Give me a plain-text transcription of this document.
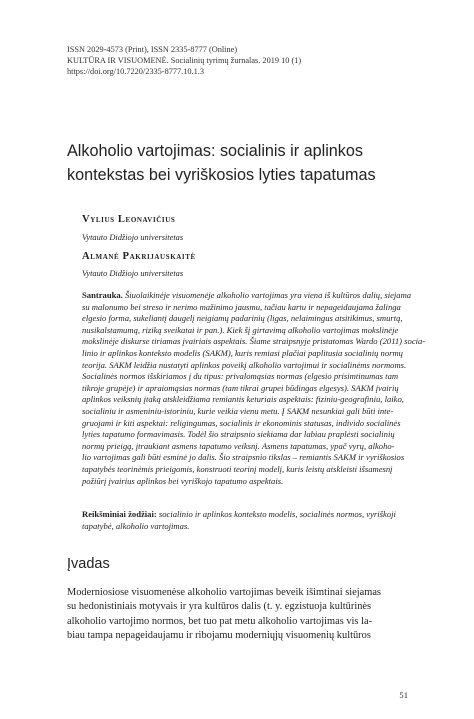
ISSN 2029-4573 (Print), ISSN 2335-8777 (Online)
KULTŪRA IR VISUOMENĖ. Socialinių tyrimų žurnalas. 2019 10 (1)
https://doi.org/10.7220/2335-8777.10.1.3
Alkoholio vartojimas: socialinis ir aplinkos
kontekstas bei vyriškosios lyties tapatumas
Vylius Leonavičius
Vytauto Didžiojo universitetas
Almanė Pakrijauskaitė
Vytauto Didžiojo universitetas
Santrauka. Šiuolaikinėje visuomenėje alkoholio vartojimas yra viena iš kultūros dalių, siejama
su malonumo bei streso ir nerimo mažinimo jausmu, tačiau kartu ir nepageidaujama žalinga
elgesio forma, sukeliantį daugelį neigiamų padarinių (ligas, nelaimingus atsitikimus, smurtą,
nusikalstamumą, riziką sveikatai ir pan.). Kiek šį girtavimą alkoholio vartojimas mokslinėje
mokslinėje diskurse tiriamas įvairiais aspektais. Šiame straipsnyje pristatomas Wardo (2011) socia-
linio ir aplinkos konteksto modelis (SAKM), kuris remiasi plačiai paplitusia socialinių normų
teorija. SAKM leidžia nustatyti aplinkos poveikį alkoholio vartojimui ir socialinėms normoms.
Socialinės normos išskiriamos į du tipus: privalomąsias normas (elgesio prisimtinumas tam
tikroje grupėje) ir apraiomąsias normas (tam tikrai grupei būdingas elgesys). SAKM įvairių
aplinkos veiksnių įtaką atskleidžiama remiantis keturiais aspektais: fiziniu-geografiniu, laiko,
socialiniu ir asmeniniu-istoriniu, kurie veikia vienu metu. Į SAKM nesunkiai gali būti inte-
gruojami ir kiti aspektai: religingumas, socialinis ir ekonominis statusas, individo socialinės
lyties tapatumo formavimasis. Todėl šio straipsnio siekiama dar labiau praplėsti socialinių
normų prieigą, įtraukiant asmens tapatumo veiksnį. Asmens tapatumas, ypač vyrų, alkoho-
lio vartojimas gali būti esminė jo dalis. Šio straipsnio tikslas – remiantis SAKM ir vyriškosios
tapatybės teorinėmis prieigomis, konstruoti teorinį modelį, kuris leistų atskleisti išsamesnį
požiūrį įvairius aplinkos bei vyriškojo tapatumo aspektais.
Reikšminiai žodžiai: socialinio ir aplinkos konteksto modelis, socialinės normos, vyriškoji
tapatybė, alkoholio vartojimas.
Įvadas
Moderniosiose visuomenėse alkoholio vartojimas beveik išimtinai siejamas
su hedonistiniais motyvais ir yra kultūros dalis (t. y. egzistuoja kultūrinės
alkoholio vartojimo normos, bet tuo pat metu alkoholio vartojimas vis la-
biau tampa nepageidaujamu ir ribojamu moderniųjų visuomenių kultūros
51
